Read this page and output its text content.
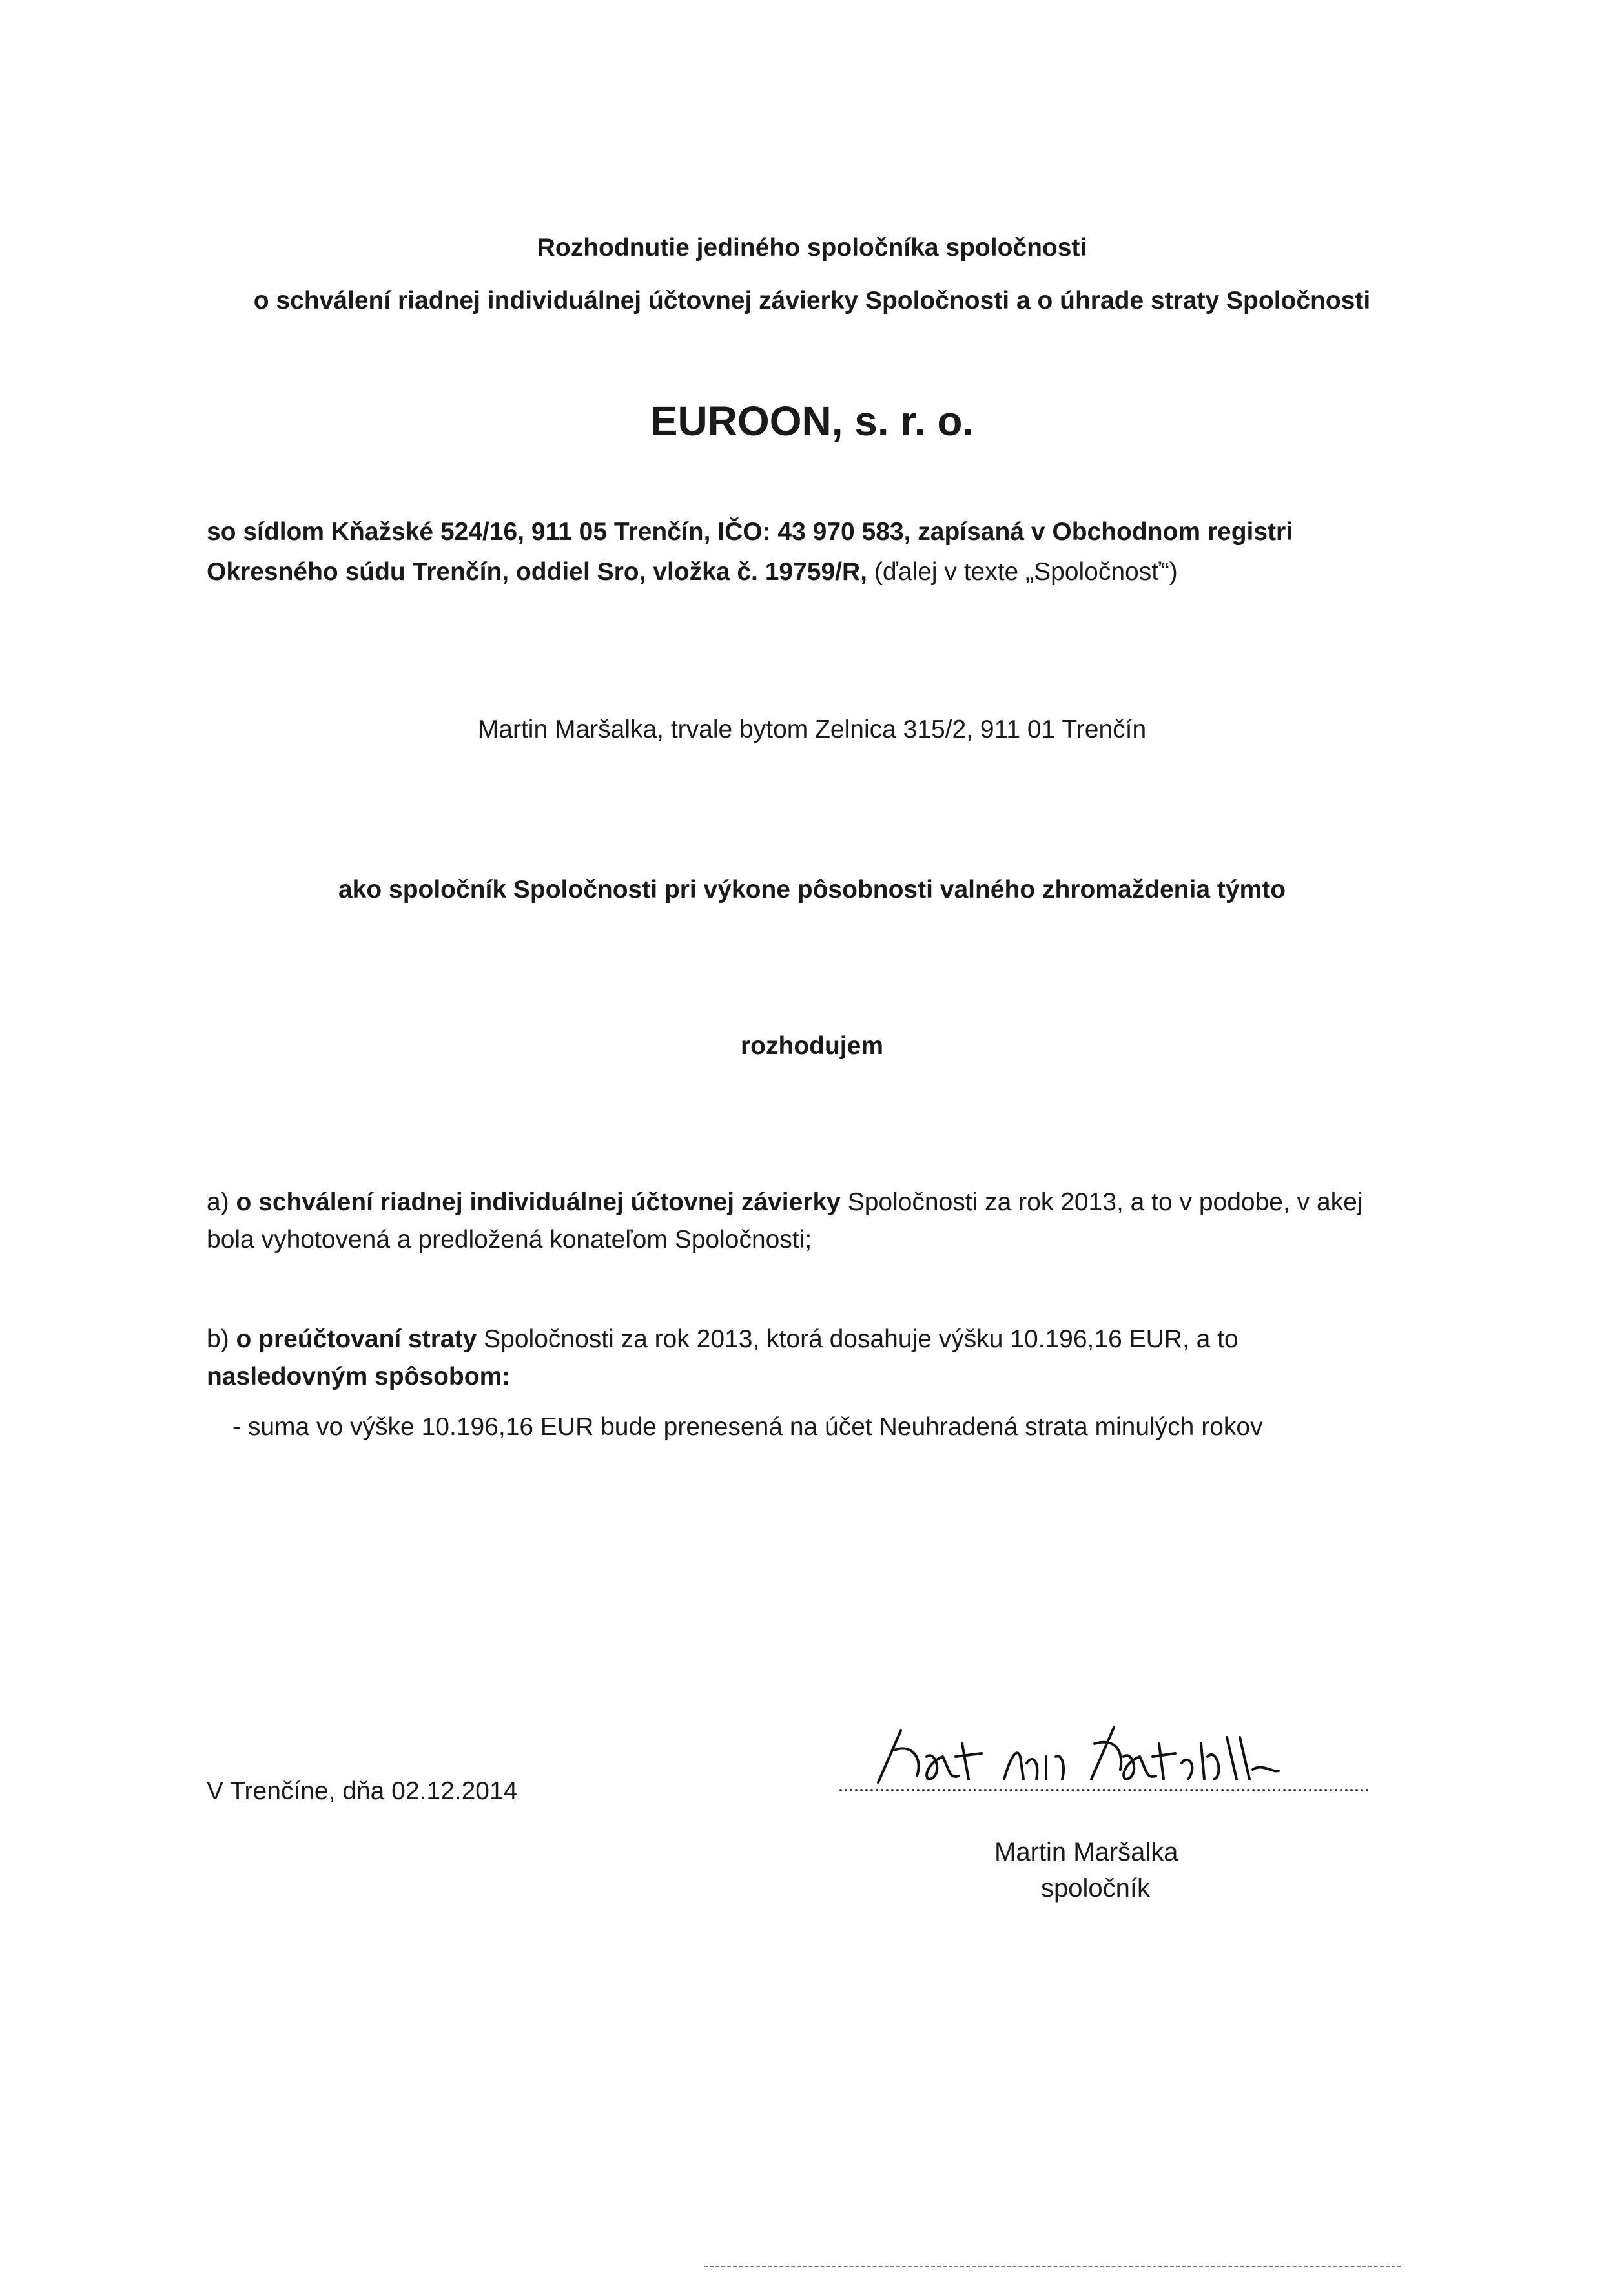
Rozhodnutie jediného spoločníka spoločnosti
o schválení riadnej individuálnej účtovnej závierky Spoločnosti a o úhrade straty Spoločnosti
EUROON, s. r. o.
so sídlom Kňažské 524/16, 911 05 Trenčín, IČO: 43 970 583, zapísaná v Obchodnom registri
Okresného súdu Trenčín, oddiel Sro, vložka č. 19759/R, (ďalej v texte „Spoločnosť“)
Martin Maršalka, trvale bytom Zelnica 315/2, 911 01 Trenčín
ako spoločník Spoločnosti pri výkone pôsobnosti valného zhromaždenia týmto
rozhodujem
a) o schválení riadnej individuálnej účtovnej závierky Spoločnosti za rok 2013, a to v podobe, v akej
bola vyhotovená a predložená konateľom Spoločnosti;
b) o preúčtovaní straty Spoločnosti za rok 2013, ktorá dosahuje výšku 10.196,16 EUR, a to
nasledovným spôsobom:
- suma vo výške 10.196,16 EUR bude prenesená na účet Neuhradená strata minulých rokov
V Trenčíne, dňa 02.12.2014
Martin Maršalka
spoločník
